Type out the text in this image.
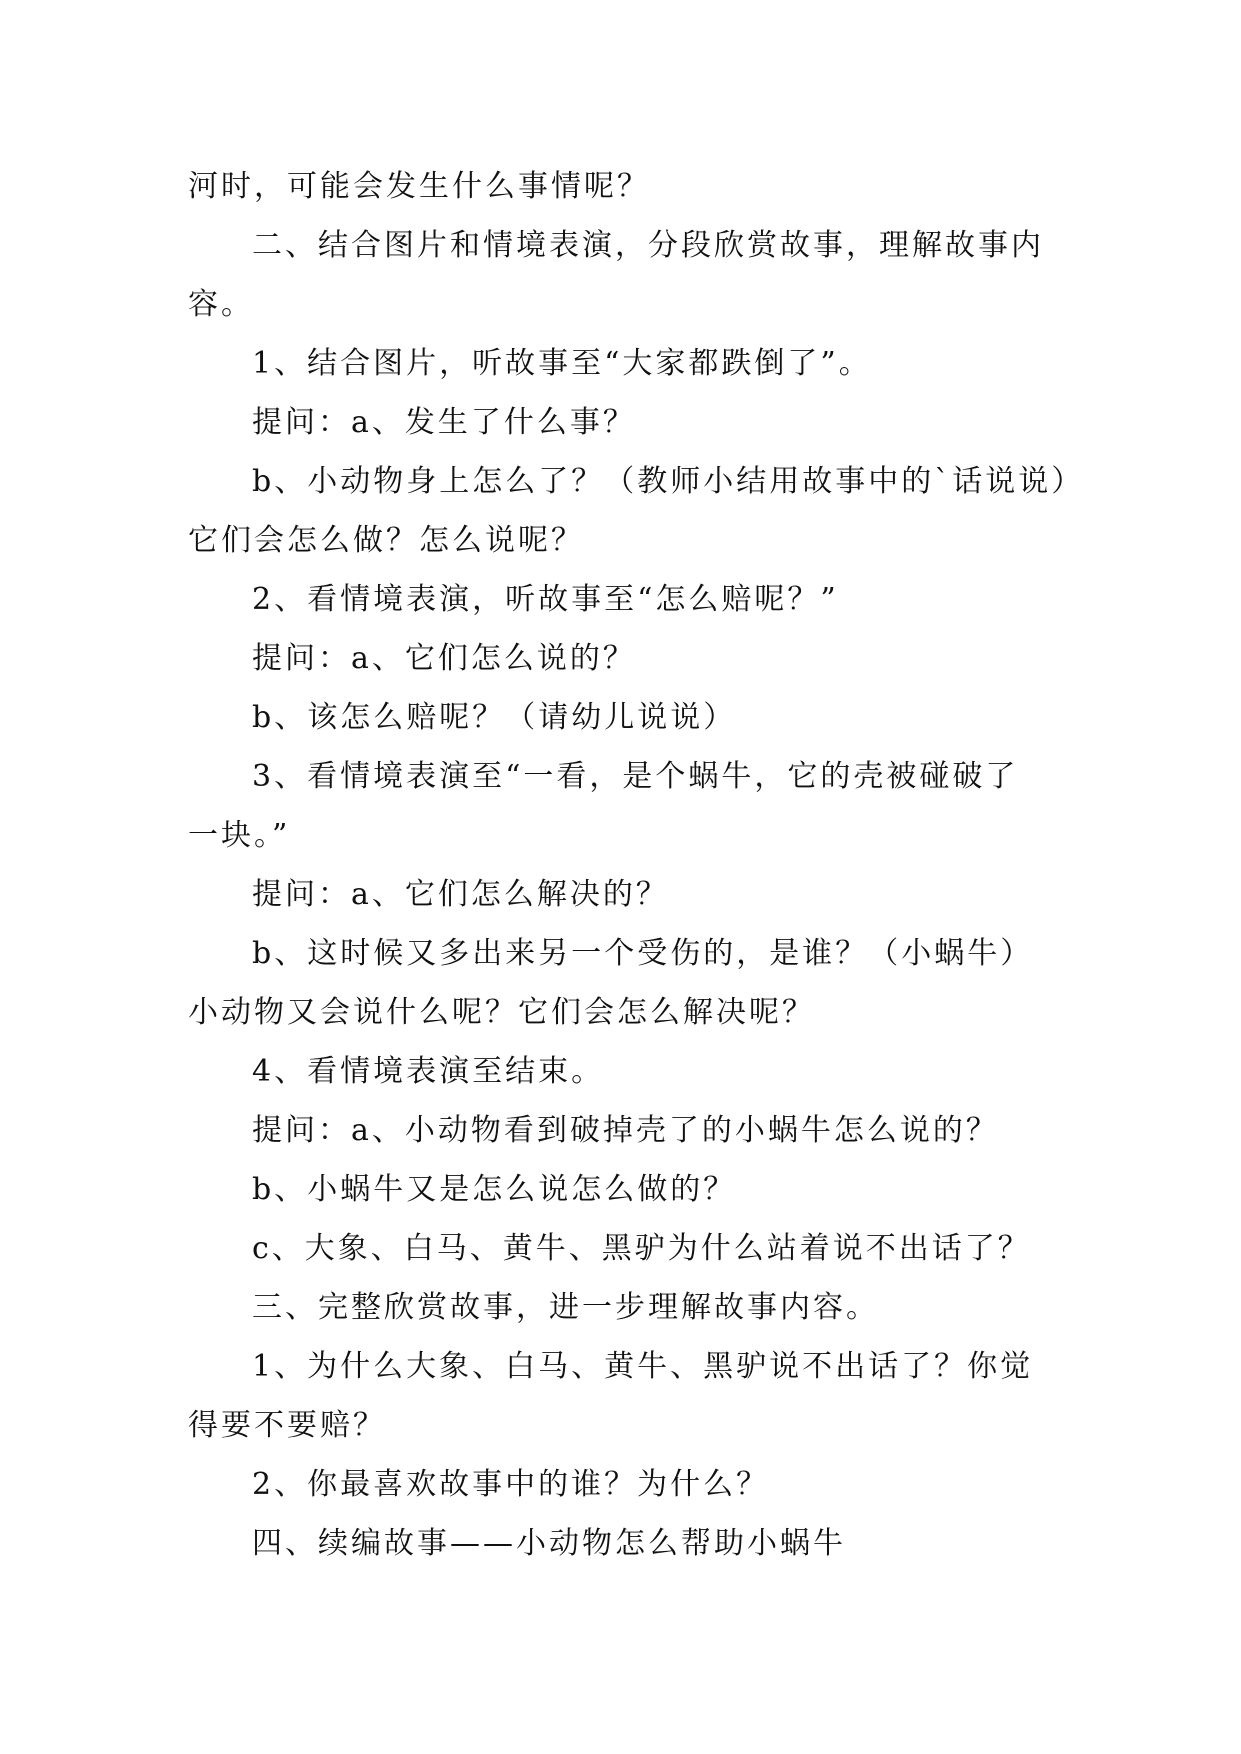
河时，可能会发生什么事情呢？
二、结合图片和情境表演，分段欣赏故事，理解故事内
容。
1、结合图片，听故事至“大家都跌倒了”。
提问：a、发生了什么事？
b、小动物身上怎么了？（教师小结用故事中的`话说说）
它们会怎么做？怎么说呢？
2、看情境表演，听故事至“怎么赔呢？”
提问：a、它们怎么说的？
b、该怎么赔呢？（请幼儿说说）
3、看情境表演至“一看，是个蜗牛，它的壳被碰破了
一块。”
提问：a、它们怎么解决的？
b、这时候又多出来另一个受伤的，是谁？（小蜗牛）
小动物又会说什么呢？它们会怎么解决呢？
4、看情境表演至结束。
提问：a、小动物看到破掉壳了的小蜗牛怎么说的？
b、小蜗牛又是怎么说怎么做的？
c、大象、白马、黄牛、黑驴为什么站着说不出话了？
三、完整欣赏故事，进一步理解故事内容。
1、为什么大象、白马、黄牛、黑驴说不出话了？你觉
得要不要赔？
2、你最喜欢故事中的谁？为什么？
四、续编故事——小动物怎么帮助小蜗牛
